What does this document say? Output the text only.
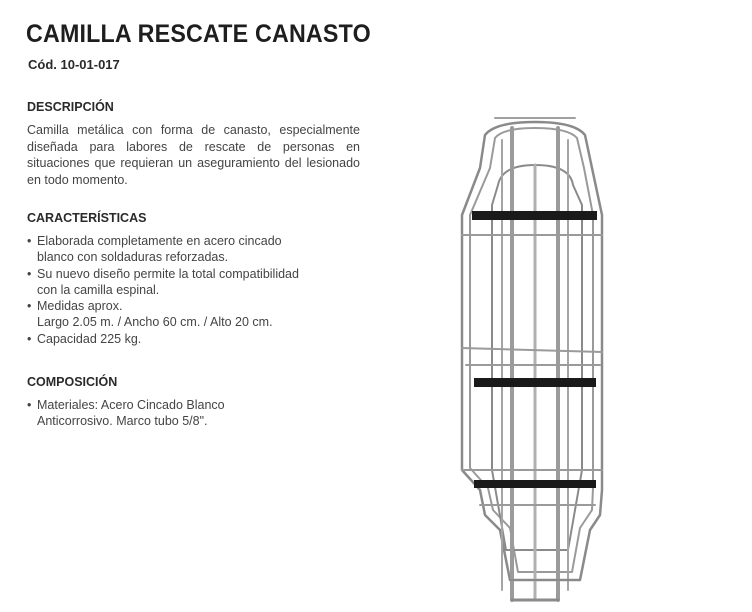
CAMILLA RESCATE CANASTO
Cód. 10-01-017
DESCRIPCIÓN
Camilla metálica con forma de canasto, especialmente diseñada para labores de rescate de personas en situaciones que requieran un aseguramiento del lesionado en todo momento.
CARACTERÍSTICAS
• Elaborada completamente en acero cincado
blanco con soldaduras reforzadas.
• Su nuevo diseño permite la total compatibilidad
con la camilla espinal.
• Medidas aprox.
Largo 2.05 m. / Ancho 60 cm. / Alto 20 cm.
• Capacidad 225 kg.
COMPOSICIÓN
• Materiales: Acero Cincado Blanco
Anticorrosivo. Marco tubo 5/8".
